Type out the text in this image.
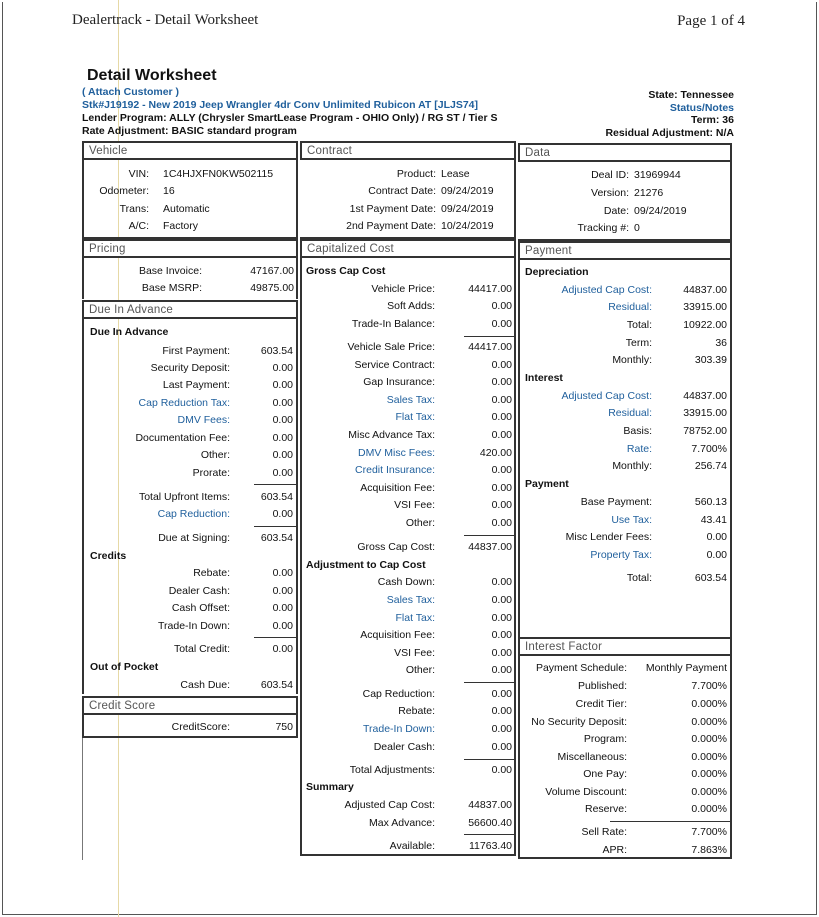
Dealertrack - Detail Worksheet	Page 1 of 4
Detail Worksheet
( Attach Customer )
Stk#J19192 - New 2019 Jeep Wrangler 4dr Conv Unlimited Rubicon AT [JLJS74]
Lender Program: ALLY (Chrysler SmartLease Program - OHIO Only) / RG ST / Tier S
Rate Adjustment: BASIC standard program
State: Tennessee
Status/Notes
Term: 36
Residual Adjustment: N/A
Vehicle
VIN: 1C4HJXFN0KW502115
Odometer: 16
Trans: Automatic
A/C: Factory
Contract
Product: Lease
Contract Date: 09/24/2019
1st Payment Date: 09/24/2019
2nd Payment Date: 10/24/2019
Data
Deal ID: 31969944
Version: 21276
Date: 09/24/2019
Tracking #: 0
Pricing
Base Invoice:	47167.00
Base MSRP:	49875.00
Due In Advance
Due In Advance
First Payment:	603.54
Security Deposit:	0.00
Last Payment:	0.00
Cap Reduction Tax:	0.00
DMV Fees:	0.00
Documentation Fee:	0.00
Other:	0.00
Prorate:	0.00
Total Upfront Items:	603.54
Cap Reduction:	0.00
Due at Signing:	603.54
Credits
Rebate:	0.00
Dealer Cash:	0.00
Cash Offset:	0.00
Trade-In Down:	0.00
Total Credit:	0.00
Out of Pocket
Cash Due:	603.54
Credit Score
CreditScore:	750
Capitalized Cost
Gross Cap Cost
Vehicle Price:	44417.00
Soft Adds:	0.00
Trade-In Balance:	0.00
Vehicle Sale Price:	44417.00
Service Contract:	0.00
Gap Insurance:	0.00
Sales Tax:	0.00
Flat Tax:	0.00
Misc Advance Tax:	0.00
DMV Misc Fees:	420.00
Credit Insurance:	0.00
Acquisition Fee:	0.00
VSI Fee:	0.00
Other:	0.00
Gross Cap Cost:	44837.00
Adjustment to Cap Cost
Cash Down:	0.00
Sales Tax:	0.00
Flat Tax:	0.00
Acquisition Fee:	0.00
VSI Fee:	0.00
Other:	0.00
Cap Reduction:	0.00
Rebate:	0.00
Trade-In Down:	0.00
Dealer Cash:	0.00
Total Adjustments:	0.00
Summary
Adjusted Cap Cost:	44837.00
Max Advance:	56600.40
Available:	11763.40
Payment
Depreciation
Adjusted Cap Cost:	44837.00
Residual:	33915.00
Total:	10922.00
Term:	36
Monthly:	303.39
Interest
Adjusted Cap Cost:	44837.00
Residual:	33915.00
Basis:	78752.00
Rate:	7.700%
Monthly:	256.74
Payment
Base Payment:	560.13
Use Tax:	43.41
Misc Lender Fees:	0.00
Property Tax:	0.00
Total:	603.54
Interest Factor
Payment Schedule: Monthly Payment
Published:	7.700%
Credit Tier:	0.000%
No Security Deposit:	0.000%
Program:	0.000%
Miscellaneous:	0.000%
One Pay:	0.000%
Volume Discount:	0.000%
Reserve:	0.000%
Sell Rate:	7.700%
APR:	7.863%
